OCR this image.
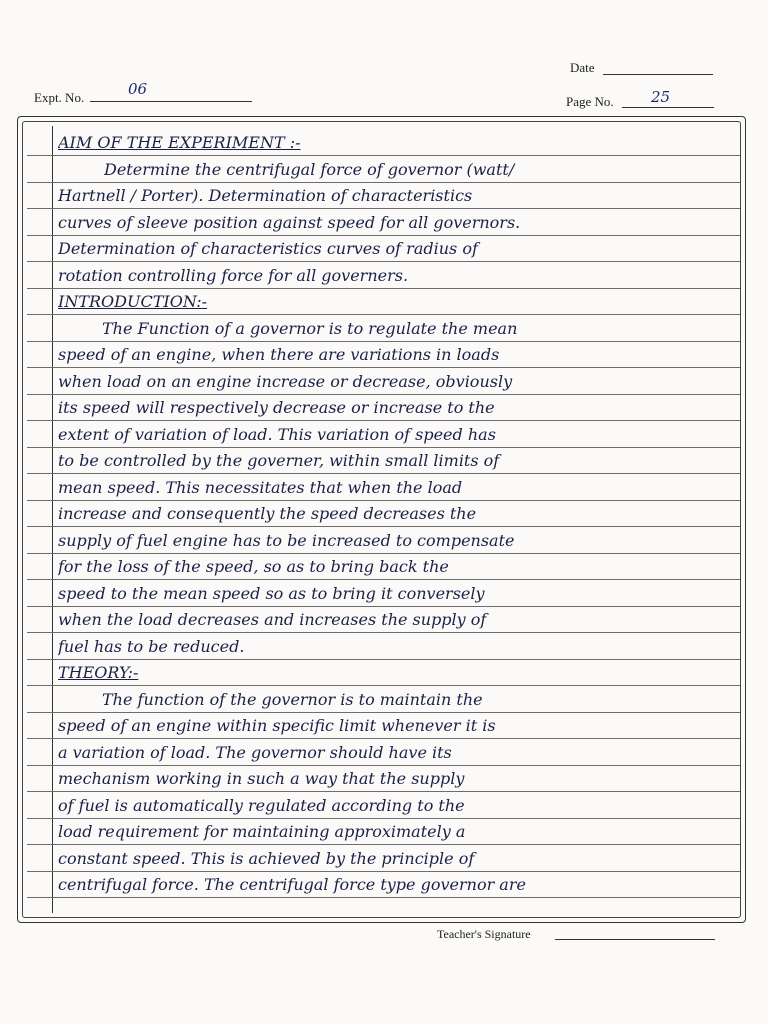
Date
Expt. No.	06
Page No. 25
AIM OF THE EXPERIMENT :-
Determine the centrifugal force of governor (watt/
Hartnell / Porter). Determination of characteristics
curves of sleeve position against speed for all governors.
Determination of characteristics curves of radius of
rotation controlling force for all governers.
INTRODUCTION:-
The Function of a governor is to regulate the mean
speed of an engine, when there are variations in loads
when load on an engine increase or decrease, obviously
its speed will respectively decrease or increase to the
extent of variation of load. This variation of speed has
to be controlled by the governer, within small limits of
mean speed. This necessitates that when the load
increase and consequently the speed decreases the
supply of fuel engine has to be increased to compensate
for the loss of the speed, so as to bring back the
speed to the mean speed so as to bring it conversely
when the load decreases and increases the supply of
fuel has to be reduced.
THEORY:-
The function of the governor is to maintain the
speed of an engine within specific limit whenever it is
a variation of load. The governor should have its
mechanism working in such a way that the supply
of fuel is automatically regulated according to the
load requirement for maintaining approximately a
constant speed. This is achieved by the principle of
centrifugal force. The centrifugal force type governor are
Teacher's Signature
